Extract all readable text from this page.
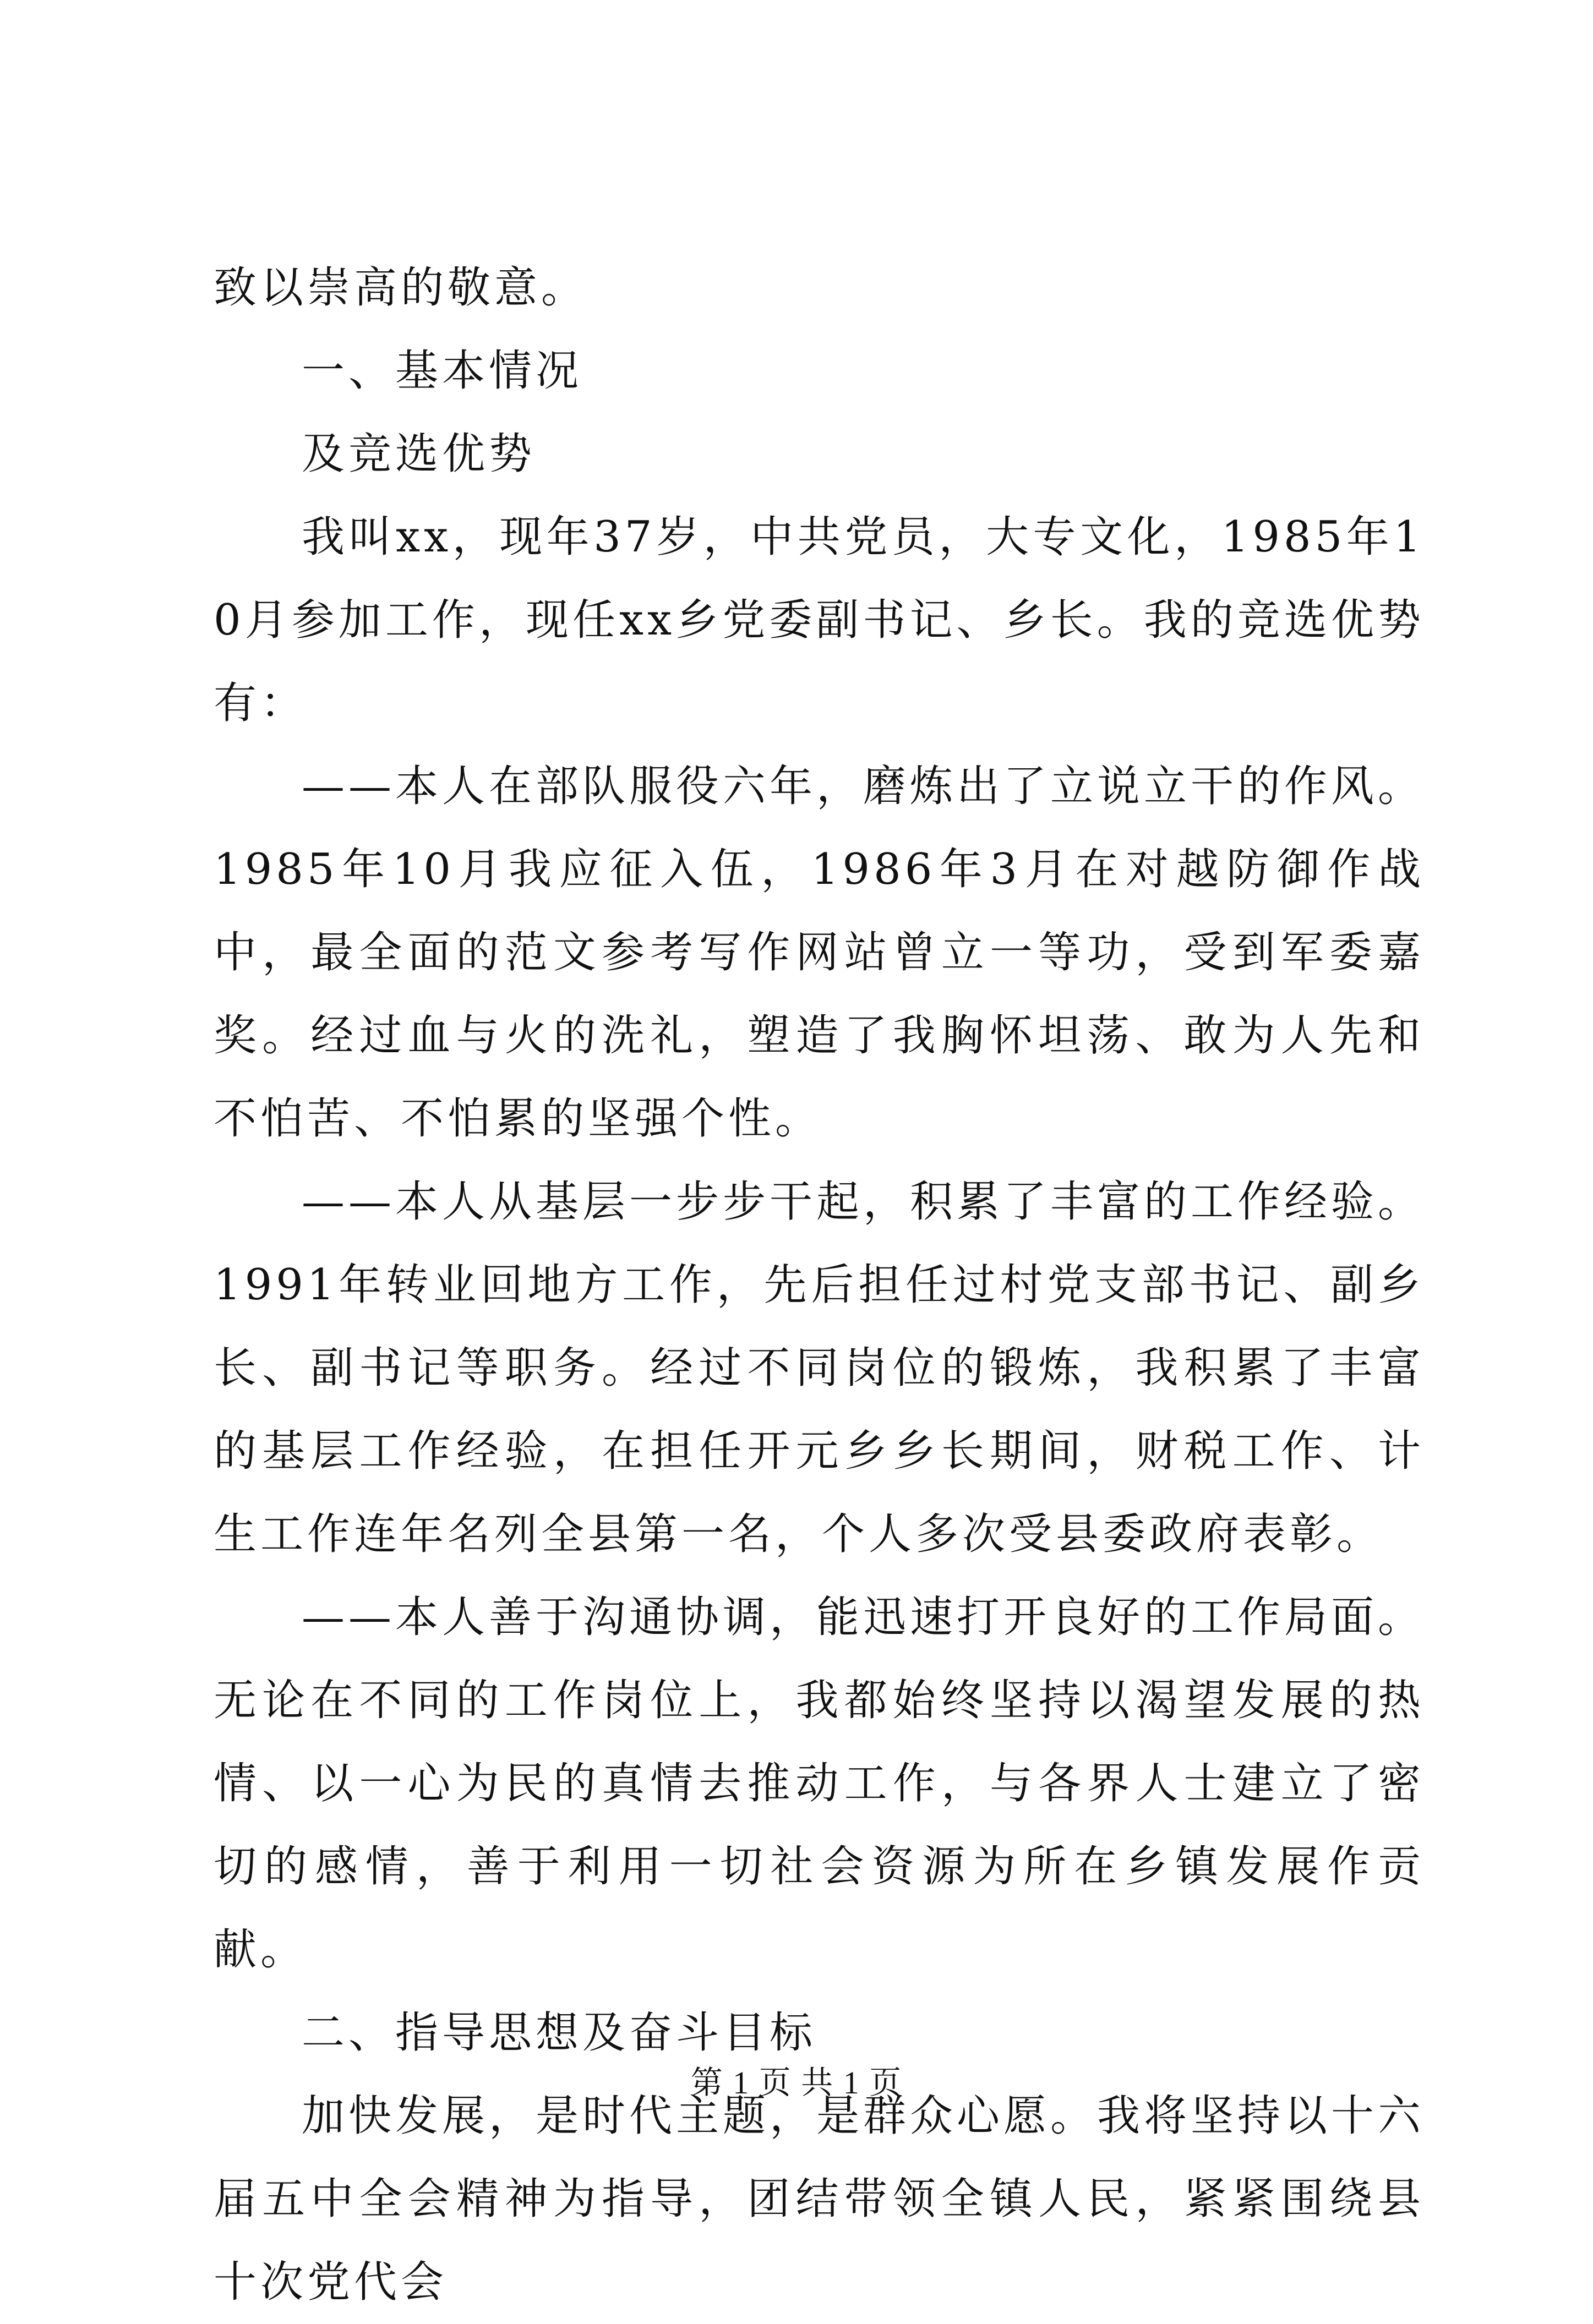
致以崇高的敬意。

一、基本情况

及竞选优势

我叫xx，现年37岁，中共党员，大专文化，1985年10月参加工作，现任xx乡党委副书记、乡长。我的竞选优势有：

——本人在部队服役六年，磨炼出了立说立干的作风。1985年10月我应征入伍，1986年3月在对越防御作战中，最全面的范文参考写作网站曾立一等功，受到军委嘉奖。经过血与火的洗礼，塑造了我胸怀坦荡、敢为人先和不怕苦、不怕累的坚强个性。

——本人从基层一步步干起，积累了丰富的工作经验。1991年转业回地方工作，先后担任过村党支部书记、副乡长、副书记等职务。经过不同岗位的锻炼，我积累了丰富的基层工作经验，在担任开元乡乡长期间，财税工作、计生工作连年名列全县第一名，个人多次受县委政府表彰。

——本人善于沟通协调，能迅速打开良好的工作局面。无论在不同的工作岗位上，我都始终坚持以渴望发展的热情、以一心为民的真情去推动工作，与各界人士建立了密切的感情，善于利用一切社会资源为所在乡镇发展作贡献。

二、指导思想及奋斗目标

加快发展，是时代主题，是群众心愿。我将坚持以十六届五中全会精神为指导，团结带领全镇人民，紧紧围绕县十次党代会

第 1 页 共 1 页
